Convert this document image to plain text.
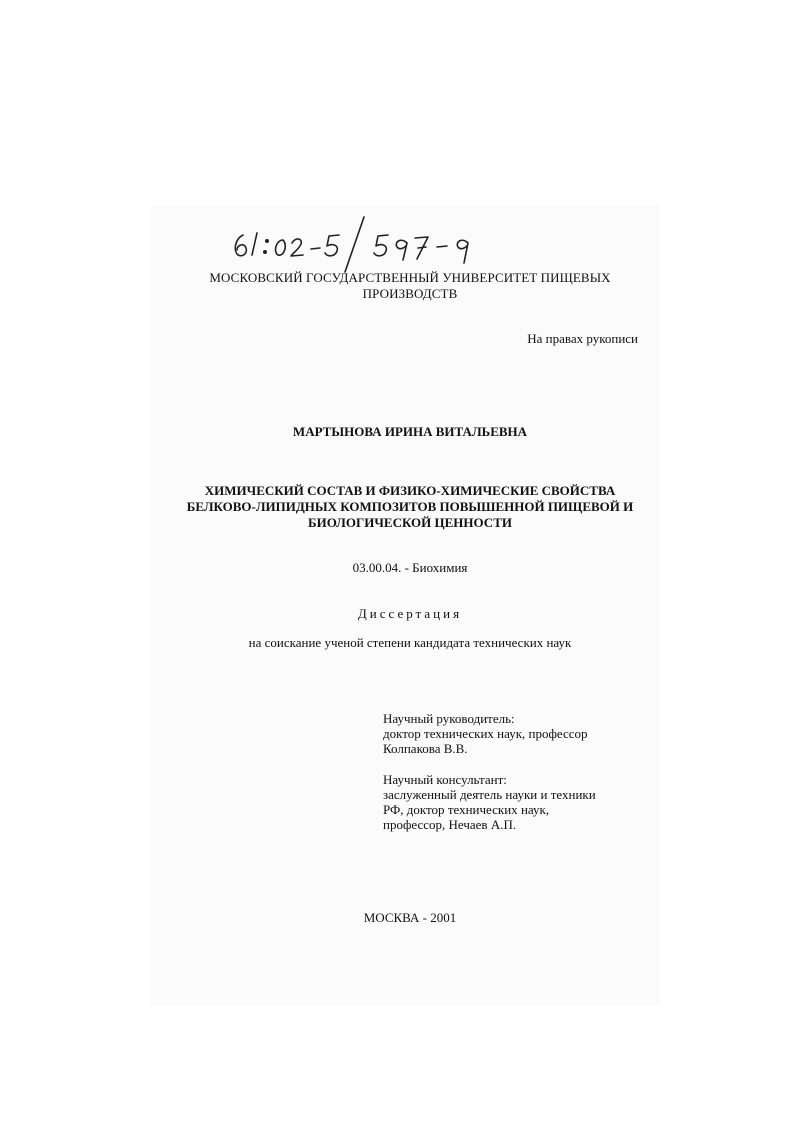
МОСКОВСКИЙ ГОСУДАРСТВЕННЫЙ УНИВЕРСИТЕТ ПИЩЕВЫХ
ПРОИЗВОДСТВ
На правах рукописи
МАРТЫНОВА ИРИНА ВИТАЛЬЕВНА
ХИМИЧЕСКИЙ СОСТАВ И ФИЗИКО-ХИМИЧЕСКИЕ СВОЙСТВА
БЕЛКОВО-ЛИПИДНЫХ КОМПОЗИТОВ ПОВЫШЕННОЙ ПИЩЕВОЙ И
БИОЛОГИЧЕСКОЙ ЦЕННОСТИ
03.00.04. - Биохимия
Диссертация
на соискание ученой степени кандидата технических наук
Научный руководитель:
доктор технических наук, профессор
Колпакова В.В.
Научный консультант:
заслуженный деятель науки и техники
РФ, доктор технических наук,
профессор, Нечаев А.П.
МОСКВА - 2001
